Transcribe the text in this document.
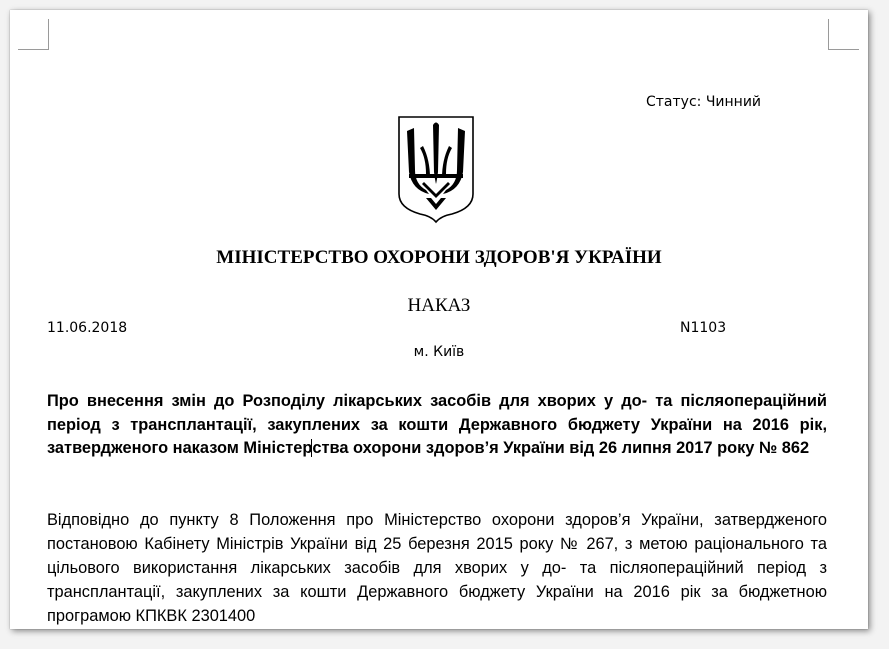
Статус: Чинний
МІНІСТЕРСТВО ОХОРОНИ ЗДОРОВ'Я УКРАЇНИ
НАКАЗ
11.06.2018	N1103
м. Київ
Про внесення змін до Розподілу лікарських засобів для хворих у до- та післяопераційний період з трансплантації, закуплених за кошти Державного бюджету України на 2016 рік, затвердженого наказом Міністерства охорони здоров’я України від 26 липня 2017 року № 862
Відповідно до пункту 8 Положення про Міністерство охорони здоров’я України, затвердженого постановою Кабінету Міністрів України від 25 березня 2015 року № 267, з метою раціонального та цільового використання лікарських засобів для хворих у до- та післяопераційний період з трансплантації, закуплених за кошти Державного бюджету України на 2016 рік за бюджетною програмою КПКВК 2301400
